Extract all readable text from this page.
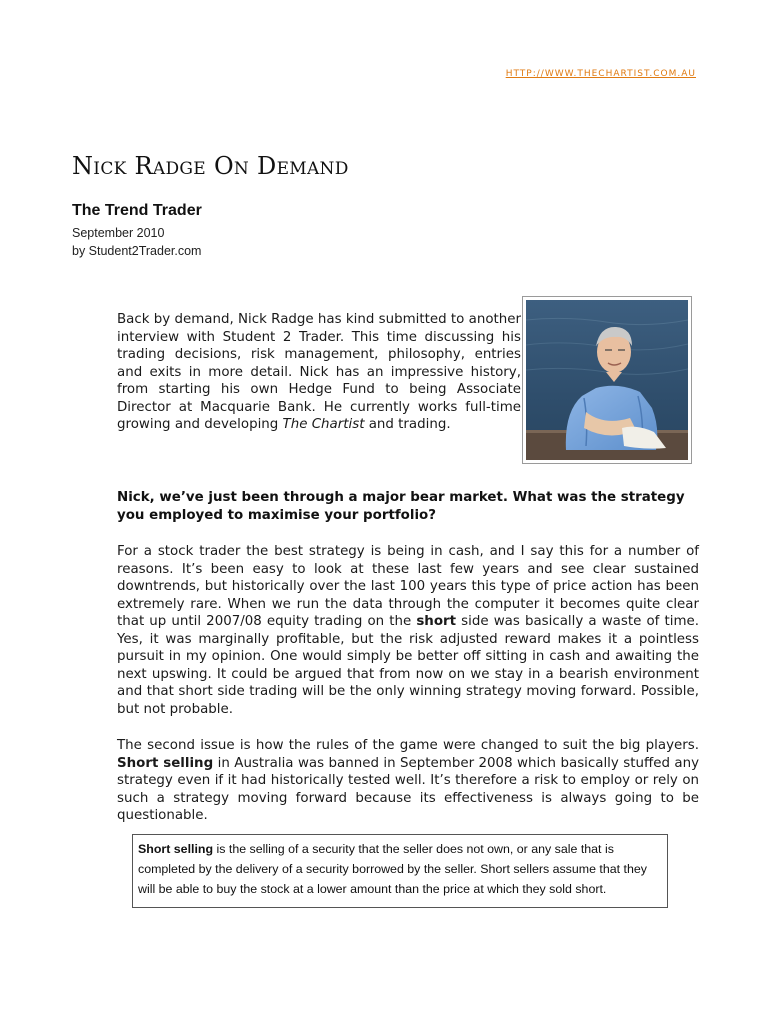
HTTP://WWW.THECHARTIST.COM.AU
Nick Radge On Demand
The Trend Trader
September 2010
by Student2Trader.com

Back by demand, Nick Radge has kind submitted to another interview with Student 2 Trader. This time discussing his trading decisions, risk management, philosophy, entries and exits in more detail. Nick has an impressive history, from starting his own Hedge Fund to being Associate Director at Macquarie Bank. He currently works full-time growing and developing The Chartist and trading.

Nick, we’ve just been through a major bear market. What was the strategy you employed to maximise your portfolio?

For a stock trader the best strategy is being in cash, and I say this for a number of reasons. It’s been easy to look at these last few years and see clear sustained downtrends, but historically over the last 100 years this type of price action has been extremely rare. When we run the data through the computer it becomes quite clear that up until 2007/08 equity trading on the short side was basically a waste of time. Yes, it was marginally profitable, but the risk adjusted reward makes it a pointless pursuit in my opinion. One would simply be better off sitting in cash and awaiting the next upswing. It could be argued that from now on we stay in a bearish environment and that short side trading will be the only winning strategy moving forward. Possible, but not probable.

The second issue is how the rules of the game were changed to suit the big players. Short selling in Australia was banned in September 2008 which basically stuffed any strategy even if it had historically tested well. It’s therefore a risk to employ or rely on such a strategy moving forward because its effectiveness is always going to be questionable.

Short selling is the selling of a security that the seller does not own, or any sale that is completed by the delivery of a security borrowed by the seller. Short sellers assume that they will be able to buy the stock at a lower amount than the price at which they sold short.
